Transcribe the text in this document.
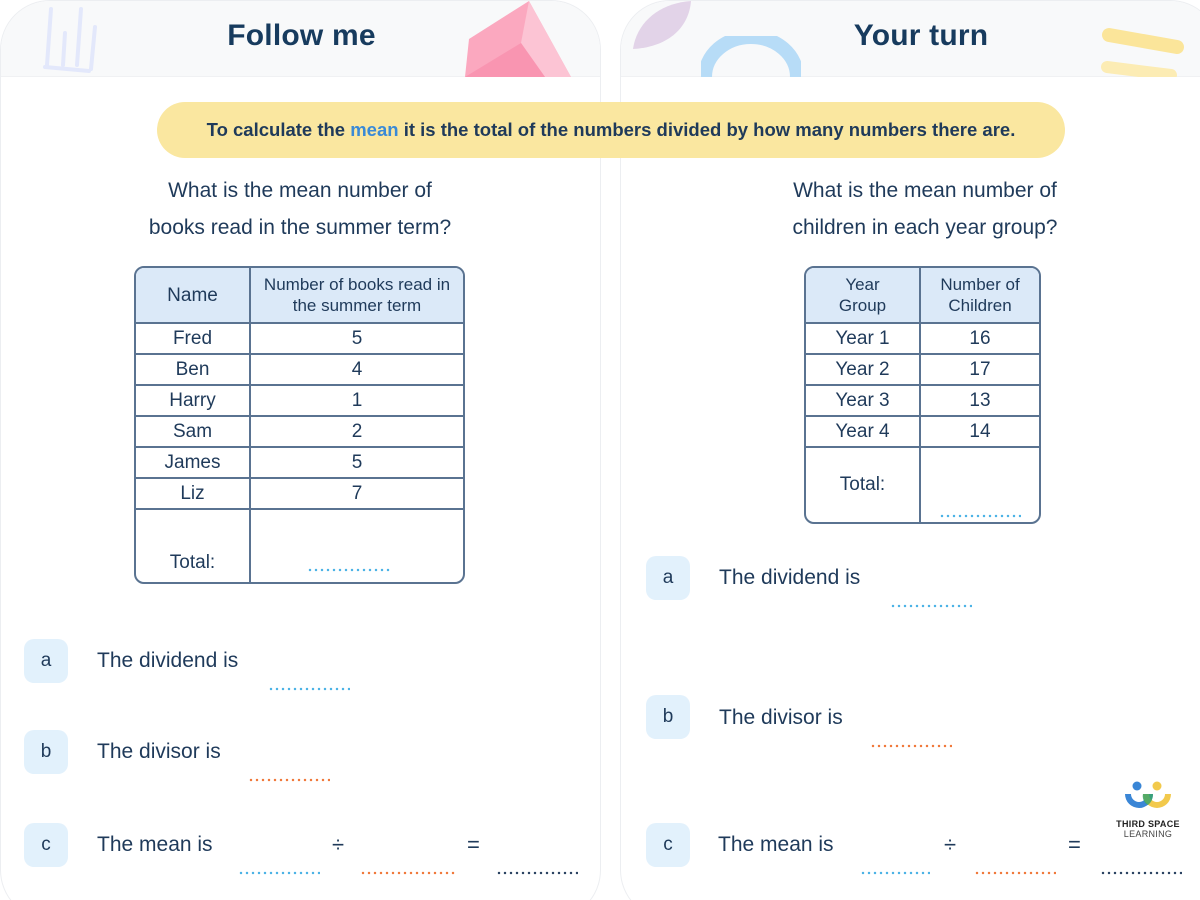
Follow me	Your turn
To calculate the mean it is the total of the numbers divided by how many numbers there are.
What is the mean number of
books read in the summer term?
Name	Number of books read in the summer term
Fred	5
Ben	4
Harry	1
Sam	2
James	5
Liz	7
Total:	
What is the mean number of
children in each year group?
Year Group	Number of Children
Year 1	16
Year 2	17
Year 3	13
Year 4	14
Total:	
a	The dividend is
b	The divisor is
c	The mean is	÷	=
a	The dividend is
b	The divisor is
c	The mean is	÷	=
THIRD SPACE
LEARNING
